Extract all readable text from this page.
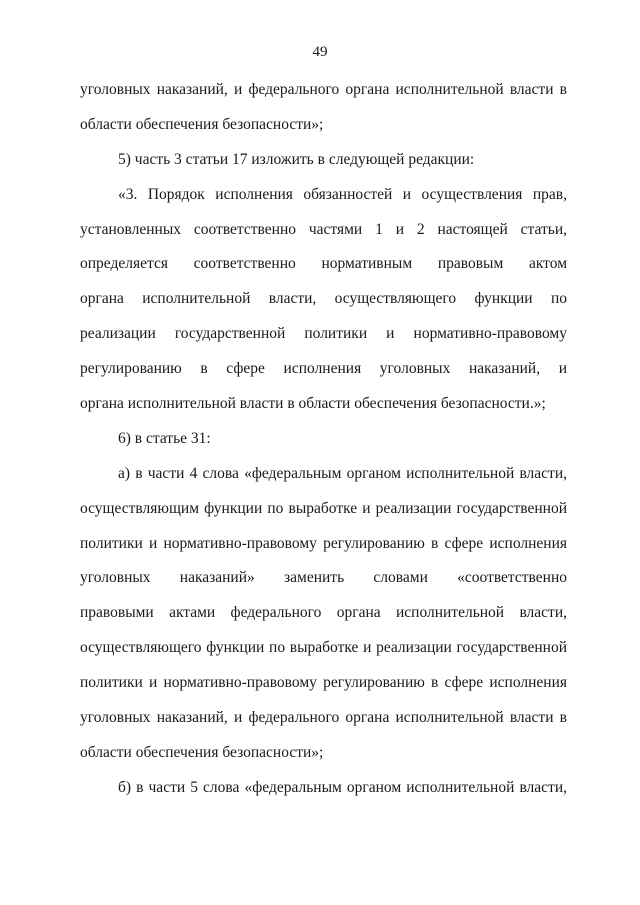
49
уголовных наказаний, и федерального органа исполнительной власти в
области обеспечения безопасности»;
5) часть 3 статьи 17 изложить в следующей редакции:
«3. Порядок исполнения обязанностей и осуществления прав,
установленных соответственно частями 1 и 2 настоящей статьи,
определяется соответственно нормативным правовым актом
органа исполнительной власти, осуществляющего функции по
реализации государственной политики и нормативно-правовому
регулированию в сфере исполнения уголовных наказаний, и
органа исполнительной власти в области обеспечения безопасности.»;
6) в статье 31:
а) в части 4 слова «федеральным органом исполнительной власти,
осуществляющим функции по выработке и реализации государственной
политики и нормативно-правовому регулированию в сфере исполнения
уголовных наказаний» заменить словами «соответственно
правовыми актами федерального органа исполнительной власти,
осуществляющего функции по выработке и реализации государственной
политики и нормативно-правовому регулированию в сфере исполнения
уголовных наказаний, и федерального органа исполнительной власти в
области обеспечения безопасности»;
б) в части 5 слова «федеральным органом исполнительной власти,
